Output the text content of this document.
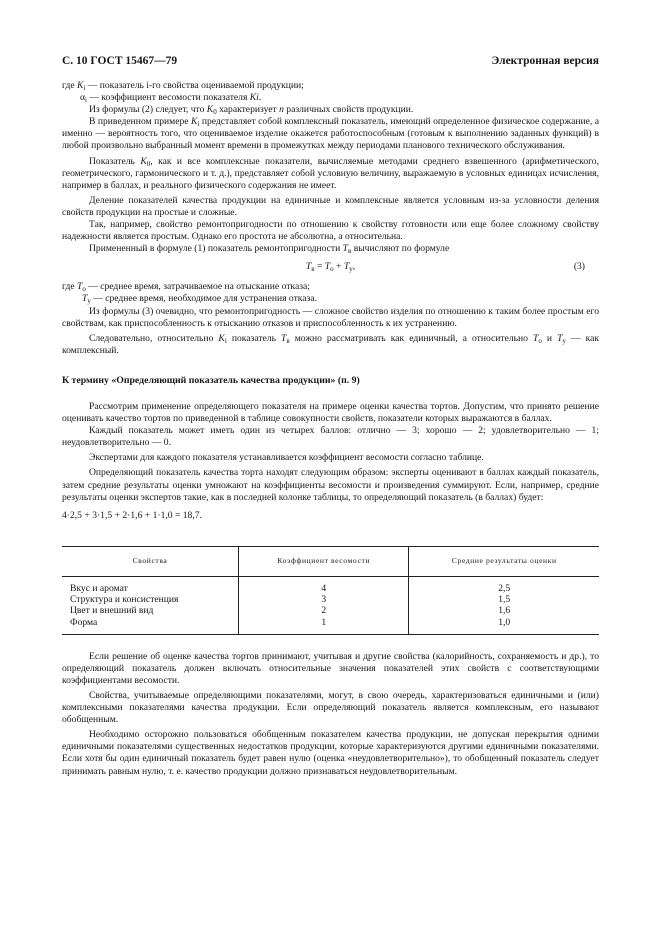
С. 10 ГОСТ 15467—79	Электронная версия

где $K_i$ — показатель i-го свойства оцениваемой продукции;

$\alpha_i$ — коэффициент весомости показателя Ki.

Из формулы (2) следует, что $K_0$ характеризует n различных свойств продукции.

В приведенном примере $K_i$ представляет собой комплексный показатель, имеющий определенное физическое содержание, а именно — вероятность того, что оцениваемое изделие окажется работоспособным (готовым к выполнению заданных функций) в любой произвольно выбранный момент времени в промежутках между периодами планового технического обслуживания.

Показатель $K_0$, как и все комплексные показатели, вычисляемые методами среднего взвешенного (арифметического, геометрического, гармонического и т. д.), представляет собой условную величину, выражаемую в условных единицах исчисления, например в баллах, и реального физического содержания не имеет.

Деление показателей качества продукции на единичные и комплексные является условным из-за условности деления свойств продукции на простые и сложные.

Так, например, свойство ремонтопригодности по отношению к свойству готовности или еще более сложному свойству надежности является простым. Однако его простота не абсолютна, а относительна.

Примененный в формуле (1) показатель ремонтопригодности $T_в$ вычисляют по формуле

$T_в = T_о + T_у$,	(3)

где $T_о$ — среднее время, затрачиваемое на отыскание отказа;

$T_у$ — среднее время, необходимое для устранения отказа.

Из формулы (3) очевидно, что ремонтопригодность — сложное свойство изделия по отношению к таким более простым его свойствам, как приспособленность к отысканию отказов и приспособленность к их устранению.

Следовательно, относительно $K_i$ показатель $T_в$ можно рассматривать как единичный, а относительно $T_о$ и $T_у$ — как комплексный.

К термину «Определяющий показатель качества продукции» (п. 9)

Рассмотрим применение определяющего показателя на примере оценки качества тортов. Допустим, что принято решение оценивать качество тортов по приведенной в таблице совокупности свойств, показатели которых выражаются в баллах.

Каждый показатель может иметь один из четырех баллов: отлично — 3; хорошо — 2; удовлетворительно — 1; неудовлетворительно — 0.

Экспертами для каждого показателя устанавливается коэффициент весомости согласно таблице.

Определяющий показатель качества торта находят следующим образом: эксперты оценивают в баллах каждый показатель, затем средние результаты оценки умножают на коэффициенты весомости и произведения суммируют. Если, например, средние результаты оценки экспертов такие, как в последней колонке таблицы, то определяющий показатель (в баллах) будет:

4·2,5 + 3·1,5 + 2·1,6 + 1·1,0 = 18,7.

Свойства	Коэффициент весомости	Средние результаты оценки
Вкус и аромат	4	2,5
Структура и консистенция	3	1,5
Цвет и внешний вид	2	1,6
Форма	1	1,0

Если решение об оценке качества тортов принимают, учитывая и другие свойства (калорийность, сохраняемость и др.), то определяющий показатель должен включать относительные значения показателей этих свойств с соответствующими коэффициентами весомости.

Свойства, учитываемые определяющими показателями, могут, в свою очередь, характеризоваться единичными и (или) комплексными показателями качества продукции. Если определяющий показатель является комплексным, его называют обобщенным.

Необходимо осторожно пользоваться обобщенным показателем качества продукции, не допуская перекрытия одними единичными показателями существенных недостатков продукции, которые характеризуются другими единичными показателями. Если хотя бы один единичный показатель будет равен нулю (оценка «неудовлетворительно»), то обобщенный показатель следует принимать равным нулю, т. е. качество продукции должно признаваться неудовлетворительным.
